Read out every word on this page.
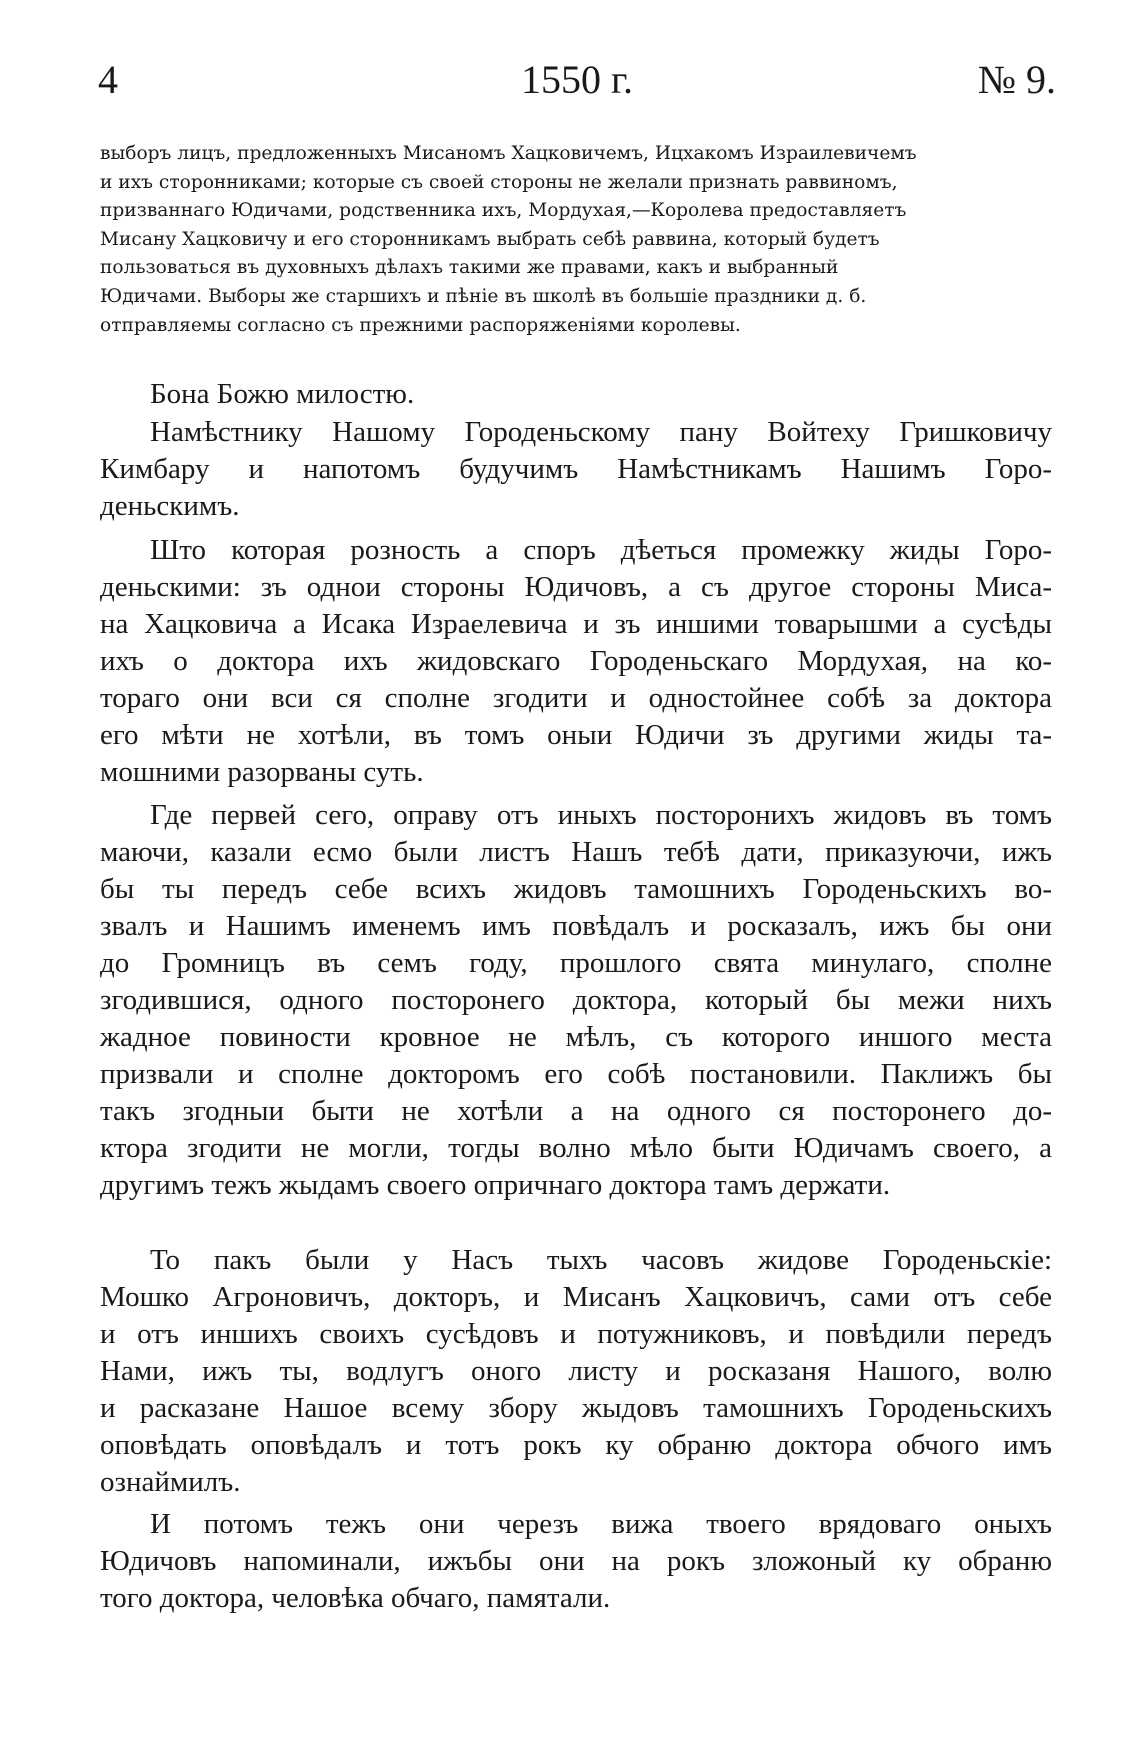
4	1550 г.	№ 9.

выборъ лицъ, предложенныхъ Мисаномъ Хацковичемъ, Ицхакомъ Израилевичемъ
и ихъ сторонниками; которые съ своей стороны не желали признать раввиномъ,
призваннаго Юдичами, родственника ихъ, Мордухая,—Королева предоставляетъ
Мисану Хацковичу и его сторонникамъ выбрать себѣ раввина, который будетъ
пользоваться въ духовныхъ дѣлахъ такими же правами, какъ и выбранный
Юдичами. Выборы же старшихъ и пѣніе въ школѣ въ большіе праздники д. б.
отправляемы согласно съ прежними распоряженіями королевы.

Бона Божю милостю.
Намѣстнику Нашому Городеньскому пану Войтеху Гришковичу
Кимбару и напотомъ будучимъ Намѣстникамъ Нашимъ Горо-
деньскимъ.
Што которая розность а споръ дѣеться промежку жиды Горо-
деньскими: зъ однои стороны Юдичовъ, а съ другое стороны Миса-
на Хацковича а Исака Израелевича и зъ иншими товарышми а сусѣды
ихъ о доктора ихъ жидовскаго Городеньскаго Мордухая, на ко-
тораго они вси ся сполне згодити и одностойнее собѣ за доктора
его мѣти не хотѣли, въ томъ оныи Юдичи зъ другими жиды та-
мошними разорваны суть.
Где первей сего, оправу отъ иныхъ посторонихъ жидовъ въ томъ
маючи, казали есмо были листъ Нашъ тебѣ дати, приказуючи, ижъ
бы ты передъ себе всихъ жидовъ тамошнихъ Городеньскихъ во-
звалъ и Нашимъ именемъ имъ повѣдалъ и росказалъ, ижъ бы они
до Громницъ въ семъ году, прошлого свята минулаго, сполне
згодившися, одного посторонего доктора, который бы межи нихъ
жадное повиности кровное не мѣлъ, съ которого иншого места
призвали и сполне докторомъ его собѣ постановили. Паклижъ бы
такъ згодныи быти не хотѣли а на одного ся посторонего до-
ктора згодити не могли, тогды волно мѣло быти Юдичамъ своего, а
другимъ тежъ жыдамъ своего опричнаго доктора тамъ держати.
То пакъ были у Насъ тыхъ часовъ жидове Городеньскіе:
Мошко Агроновичъ, докторъ, и Мисанъ Хацковичъ, сами отъ себе
и отъ иншихъ своихъ сусѣдовъ и потужниковъ, и повѣдили передъ
Нами, ижъ ты, водлугъ оного листу и росказаня Нашого, волю
и расказане Нашое всему збору жыдовъ тамошнихъ Городеньскихъ
оповѣдать оповѣдалъ и тотъ рокъ ку обраню доктора обчого имъ
ознаймилъ.
И потомъ тежъ они черезъ вижа твоего врядоваго оныхъ
Юдичовъ напоминали, ижъбы они на рокъ зложоный ку обраню
того доктора, человѣка обчаго, памятали.
